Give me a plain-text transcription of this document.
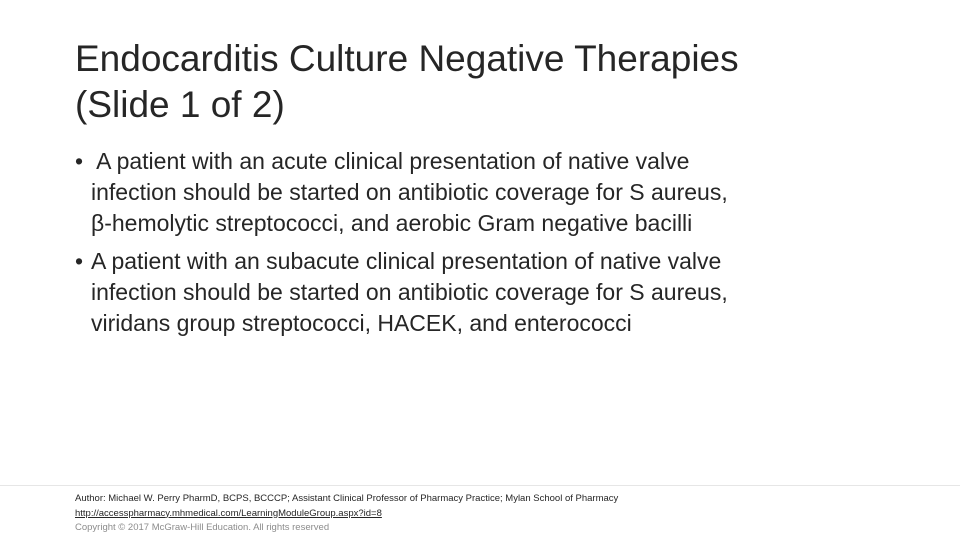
Endocarditis Culture Negative Therapies
(Slide 1 of 2)
• A patient with an acute clinical presentation of native valve
infection should be started on antibiotic coverage for S aureus,
β-hemolytic streptococci, and aerobic Gram negative bacilli
• A patient with an subacute clinical presentation of native valve
infection should be started on antibiotic coverage for S aureus,
viridans group streptococci, HACEK, and enterococci
Author: Michael W. Perry PharmD, BCPS, BCCCP; Assistant Clinical Professor of Pharmacy Practice; Mylan School of Pharmacy
http://accesspharmacy.mhmedical.com/LearningModuleGroup.aspx?id=8
Copyright © 2017 McGraw-Hill Education. All rights reserved
